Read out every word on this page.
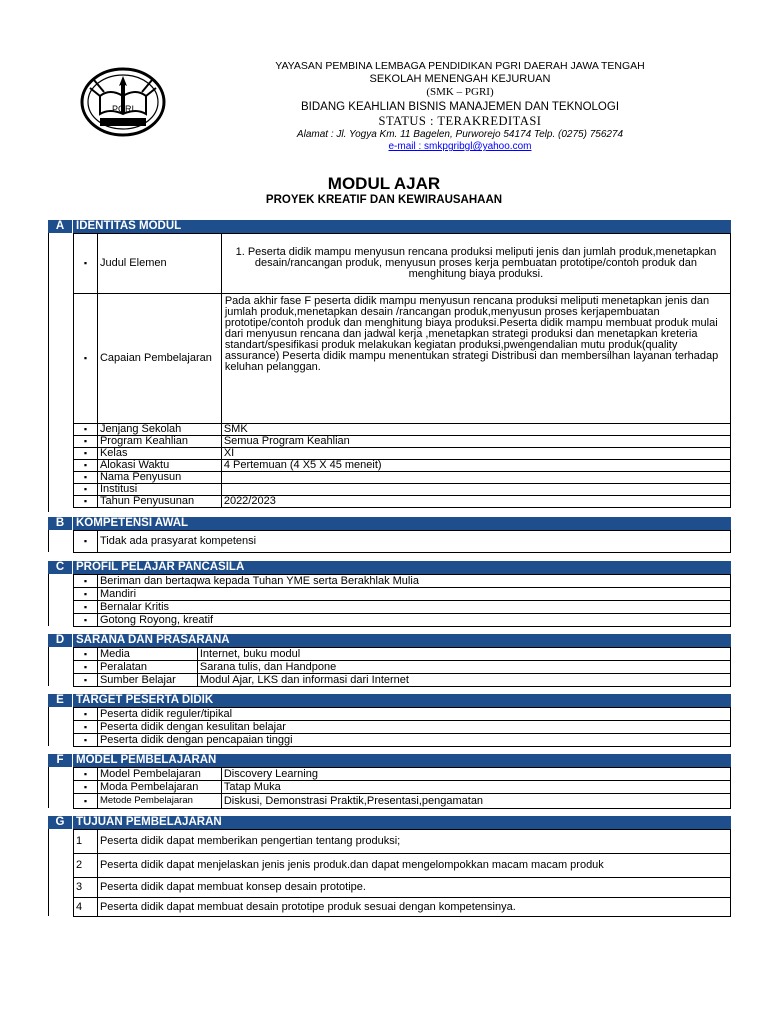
PGRI
YAYASAN PEMBINA LEMBAGA PENDIDIKAN PGRI DAERAH JAWA TENGAH
SEKOLAH MENENGAH KEJURUAN
(SMK – PGRI)
BIDANG KEAHLIAN BISNIS MANAJEMEN DAN TEKNOLOGI
STATUS : TERAKREDITASI
Alamat : Jl. Yogya Km. 11 Bagelen, Purworejo 54174 Telp. (0275) 756274
e-mail : smkpgribgl@yahoo.com
MODUL AJAR
PROYEK KREATIF DAN KEWIRAUSAHAAN
A	IDENTITAS MODUL
▪	Judul Elemen	1. Peserta didik mampu menyusun rencana produksi meliputi jenis dan jumlah produk,menetapkan desain/rancangan produk, menyusun proses kerja pembuatan prototipe/contoh produk dan menghitung biaya produksi.
▪	Capaian Pembelajaran	Pada akhir fase F peserta didik mampu menyusun rencana produksi meliputi menetapkan jenis dan jumlah produk,menetapkan desain /rancangan produk,menyusun proses kerjapembuatan prototipe/contoh produk dan menghitung biaya produksi.Peserta didik mampu membuat produk mulai dari menyusun rencana dan jadwal kerja ,menetapkan strategi produksi dan menetapkan kreteria standart/spesifikasi produk melakukan kegiatan produksi,pwengendalian mutu produk(quality assurance) Peserta didik mampu menentukan strategi Distribusi dan membersilhan layanan terhadap keluhan pelanggan.
▪	Jenjang Sekolah	SMK
▪	Program Keahlian	Semua Program Keahlian
▪	Kelas	XI
▪	Alokasi Waktu	4 Pertemuan (4 X5 X 45 meneit)
▪	Nama Penyusun	
▪	Institusi	
▪	Tahun Penyusunan	2022/2023
B	KOMPETENSI AWAL
▪	Tidak ada prasyarat kompetensi
C	PROFIL PELAJAR PANCASILA
▪	Beriman dan bertaqwa kepada Tuhan YME serta Berakhlak Mulia
▪	Mandiri
▪	Bernalar Kritis
▪	Gotong Royong, kreatif
D	SARANA DAN PRASARANA
▪	Media	Internet, buku modul
▪	Peralatan	Sarana tulis, dan Handpone
▪	Sumber Belajar	Modul Ajar, LKS dan informasi dari Internet
E	TARGET PESERTA DIDIK
▪	Peserta didik reguler/tipikal
▪	Peserta didik dengan kesulitan belajar
▪	Peserta didik dengan pencapaian tinggi
F	MODEL PEMBELAJARAN
▪	Model Pembelajaran	Discovery Learning
▪	Moda Pembelajaran	Tatap Muka
▪	Metode Pembelajaran	Diskusi, Demonstrasi Praktik,Presentasi,pengamatan
G	TUJUAN PEMBELAJARAN
1	Peserta didik dapat memberikan pengertian tentang produksi;
2	Peserta didik dapat menjelaskan jenis jenis produk.dan dapat mengelompokkan macam macam produk
3	Peserta didik dapat membuat konsep desain prototipe.
4	Peserta didik dapat membuat desain prototipe produk sesuai dengan kompetensinya.
